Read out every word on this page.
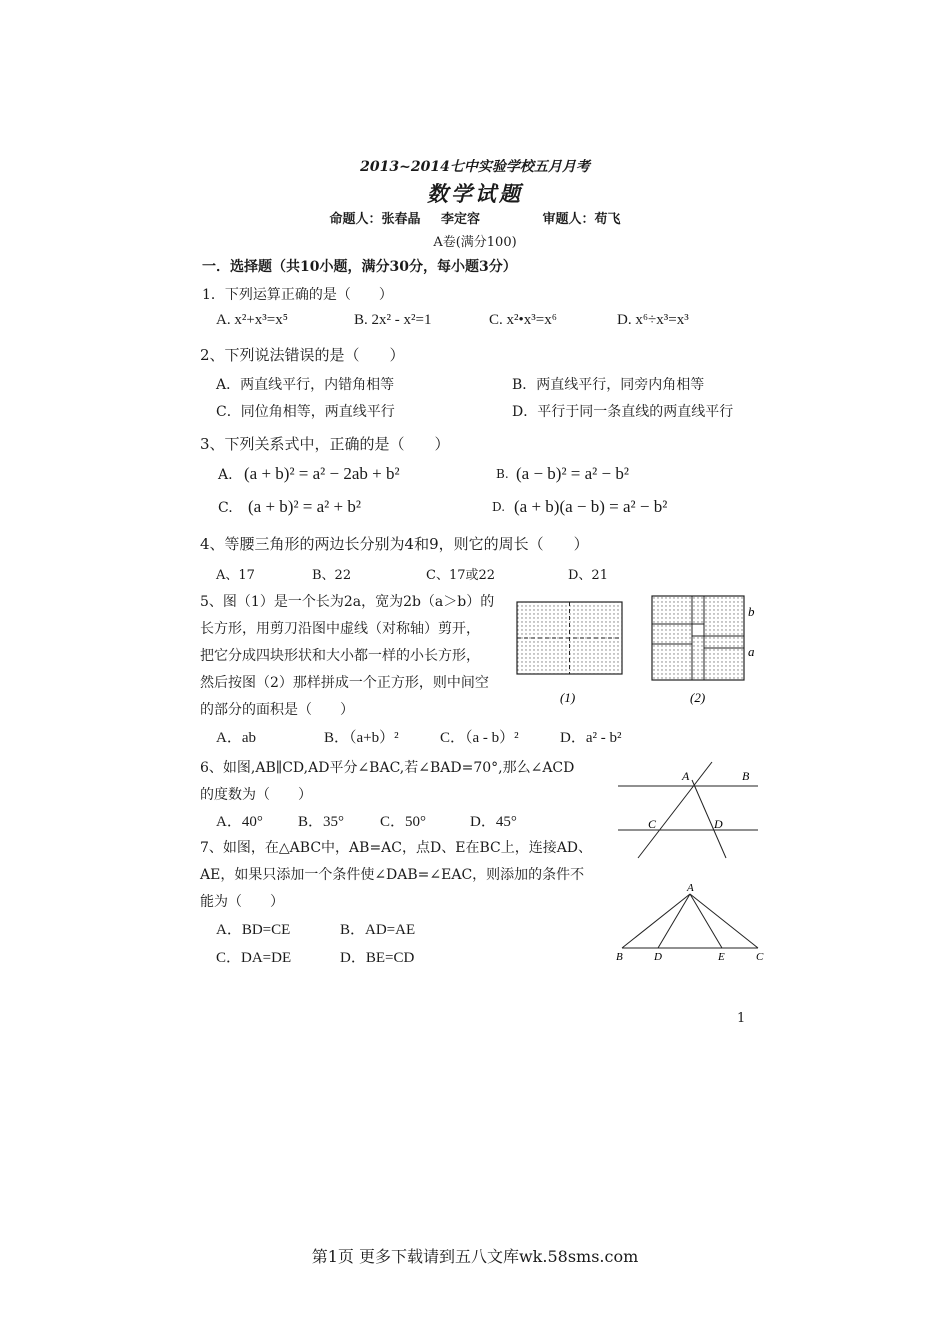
2013~2014七中实验学校五月月考
数学试题
命题人：张春晶 李定容	审题人：苟飞
A卷(满分100)
一．选择题（共10小题，满分30分，每小题3分）
1．下列运算正确的是（　　）
A. x²+x³=x⁵	B. 2x² - x²=1	C. x²•x³=x⁶	D. x⁶÷x³=x³
2、下列说法错误的是（　　）
A．两直线平行，内错角相等	B．两直线平行，同旁内角相等
C．同位角相等，两直线平行	D．平行于同一条直线的两直线平行
3、下列关系式中，正确的是（　　）
A. (a + b)² = a² − 2ab + b²	B. (a − b)² = a² − b²
C. (a + b)² = a² + b²	D. (a + b)(a − b) = a² − b²
4、等腰三角形的两边长分别为4和9，则它的周长（　　）
A、17	B、22	C、17或22	D、21
5、图（1）是一个长为2a，宽为2b（a＞b）的
长方形，用剪刀沿图中虚线（对称轴）剪开，
把它分成四块形状和大小都一样的小长方形，
然后按图（2）那样拼成一个正方形，则中间空
的部分的面积是（　　）
A．ab	B．（a+b）²	C．（a - b）²	D．a² - b²
b
a
(1)	(2)
6、如图,AB∥CD,AD平分∠BAC,若∠BAD=70°,那么∠ACD
的度数为（　　）
A．40° B．35° C．50°	D．45°
A	B
C	D
7、如图，在△ABC中，AB=AC，点D、E在BC上，连接AD、
AE，如果只添加一个条件使∠DAB=∠EAC，则添加的条件不
能为（　　）
A．BD=CE	B．AD=AE
C．DA=DE	D．BE=CD
A
B	D	E	C
1
第1页 更多下载请到五八文库wk.58sms.com
